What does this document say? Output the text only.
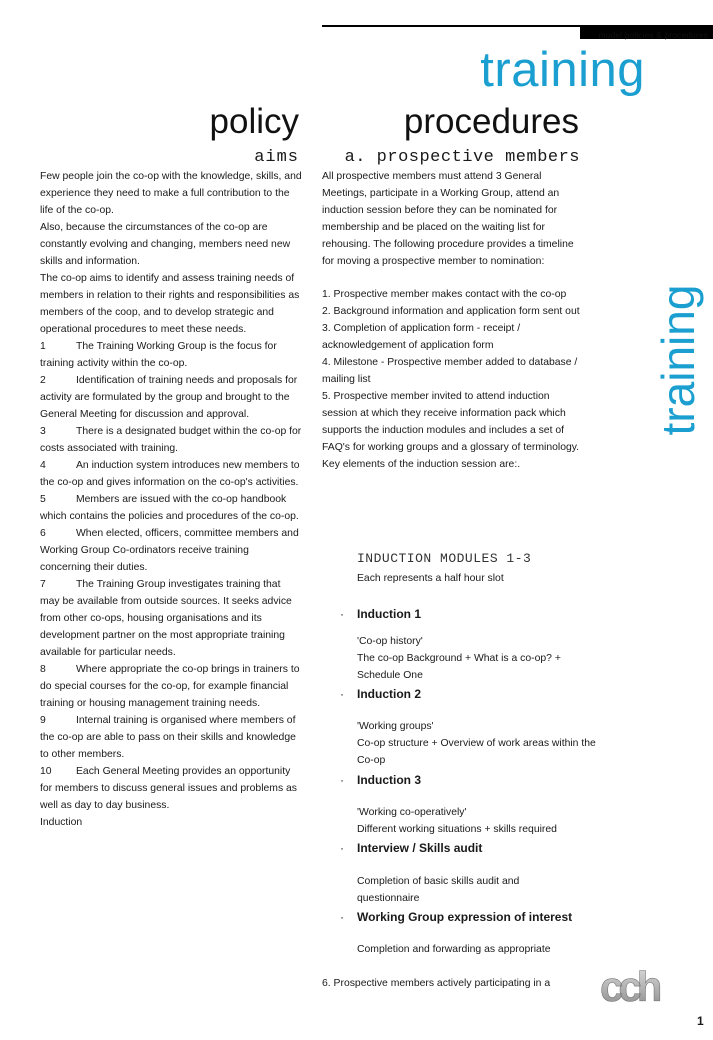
model policies & procedures
training
training
policy	procedures
aims	a. prospective members

Few people join the co-op with the knowledge, skills, and experience they need to make a full contribution to the life of the co-op.

Also, because the circumstances of the co-op are constantly evolving and changing, members need new skills and information.

The co-op aims to identify and assess training needs of members in relation to their rights and responsibilities as members of the coop, and to develop strategic and operational procedures to meet these needs.

1	The Training Working Group is the focus for training activity within the co-op.

2	Identification of training needs and proposals for activity are formulated by the group and brought to the General Meeting for discussion and approval.

3	There is a designated budget within the co-op for costs associated with training.

4	An induction system introduces new members to the co-op and gives information on the co-op's activities.

5	Members are issued with the co-op handbook which contains the policies and procedures of the co-op.

6	When elected, officers, committee members and Working Group Co-ordinators receive training concerning their duties.

7	The Training Group investigates training that may be available from outside sources. It seeks advice from other co-ops, housing organisations and its development partner on the most appropriate training available for particular needs.

8	Where appropriate the co-op brings in trainers to do special courses for the co-op, for example financial training or housing management training needs.

9	Internal training is organised where members of the co-op are able to pass on their skills and knowledge to other members.

10 Each General Meeting provides an opportunity for members to discuss general issues and problems as well as day to day business.

Induction

All prospective members must attend 3 General Meetings, participate in a Working Group, attend an induction session before they can be nominated for membership and be placed on the waiting list for rehousing. The following procedure provides a timeline for moving a prospective member to nomination:

1. Prospective member makes contact with the co-op

2. Background information and application form sent out

3. Completion of application form - receipt / acknowledgement of application form

4. Milestone - Prospective member added to database / mailing list

5. Prospective member invited to attend induction session at which they receive information pack which supports the induction modules and includes a set of FAQ's for working groups and a glossary of terminology. Key elements of the induction session are:.

INDUCTION MODULES 1-3
Each represents a half hour slot
· Induction 1
'Co-op history'
The co-op Background + What is a co-op? + Schedule One
· Induction 2
'Working groups'
Co-op structure + Overview of work areas within the Co-op
· Induction 3
'Working co-operatively'
Different working situations + skills required
· Interview / Skills audit
Completion of basic skills audit and questionnaire
· Working Group expression of interest
Completion and forwarding as appropriate
6. Prospective members actively participating in a cch
1
